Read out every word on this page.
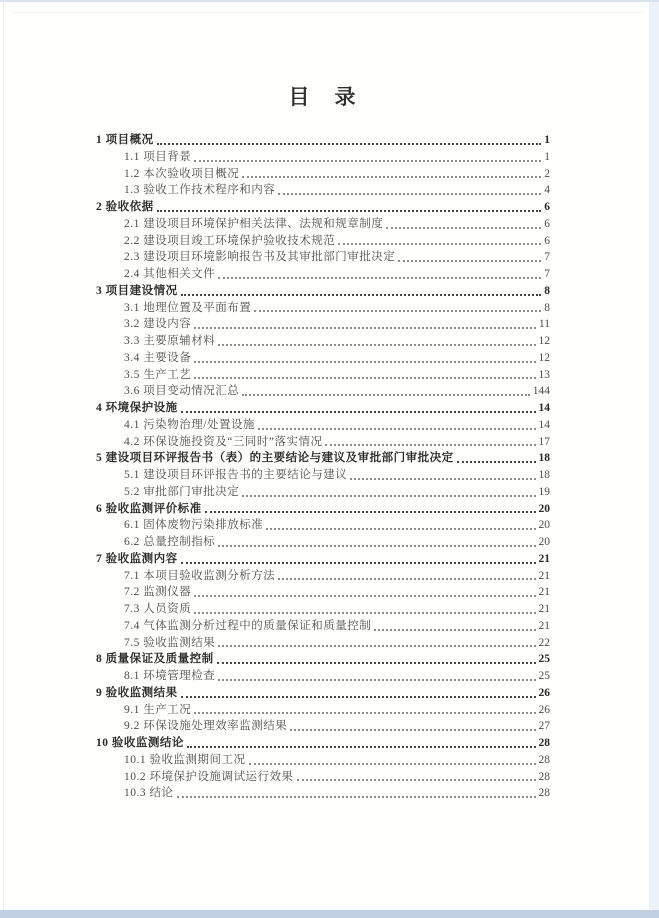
目　录
1 项目概况	1
1.1 项目背景	1
1.2 本次验收项目概况	2
1.3 验收工作技术程序和内容	4
2 验收依据	6
2.1 建设项目环境保护相关法律、法规和规章制度	6
2.2 建设项目竣工环境保护验收技术规范	6
2.3 建设项目环境影响报告书及其审批部门审批决定	7
2.4 其他相关文件	7
3 项目建设情况	8
3.1 地理位置及平面布置	8
3.2 建设内容	11
3.3 主要原辅材料	12
3.4 主要设备	12
3.5 生产工艺	13
3.6 项目变动情况汇总	144
4 环境保护设施	14
4.1 污染物治理/处置设施	14
4.2 环保设施投资及“三同时”落实情况	17
5 建设项目环评报告书（表）的主要结论与建议及审批部门审批决定	18
5.1 建设项目环评报告书的主要结论与建议	18
5.2 审批部门审批决定	19
6 验收监测评价标准	20
6.1 固体废物污染排放标准	20
6.2 总量控制指标	20
7 验收监测内容	21
7.1 本项目验收监测分析方法	21
7.2 监测仪器	21
7.3 人员资质	21
7.4 气体监测分析过程中的质量保证和质量控制	21
7.5 验收监测结果	22
8 质量保证及质量控制	25
8.1 环境管理检查	25
9 验收监测结果	26
9.1 生产工况	26
9.2 环保设施处理效率监测结果	27
10 验收监测结论	28
10.1 验收监测期间工况	28
10.2 环境保护设施调试运行效果	28
10.3 结论	28
